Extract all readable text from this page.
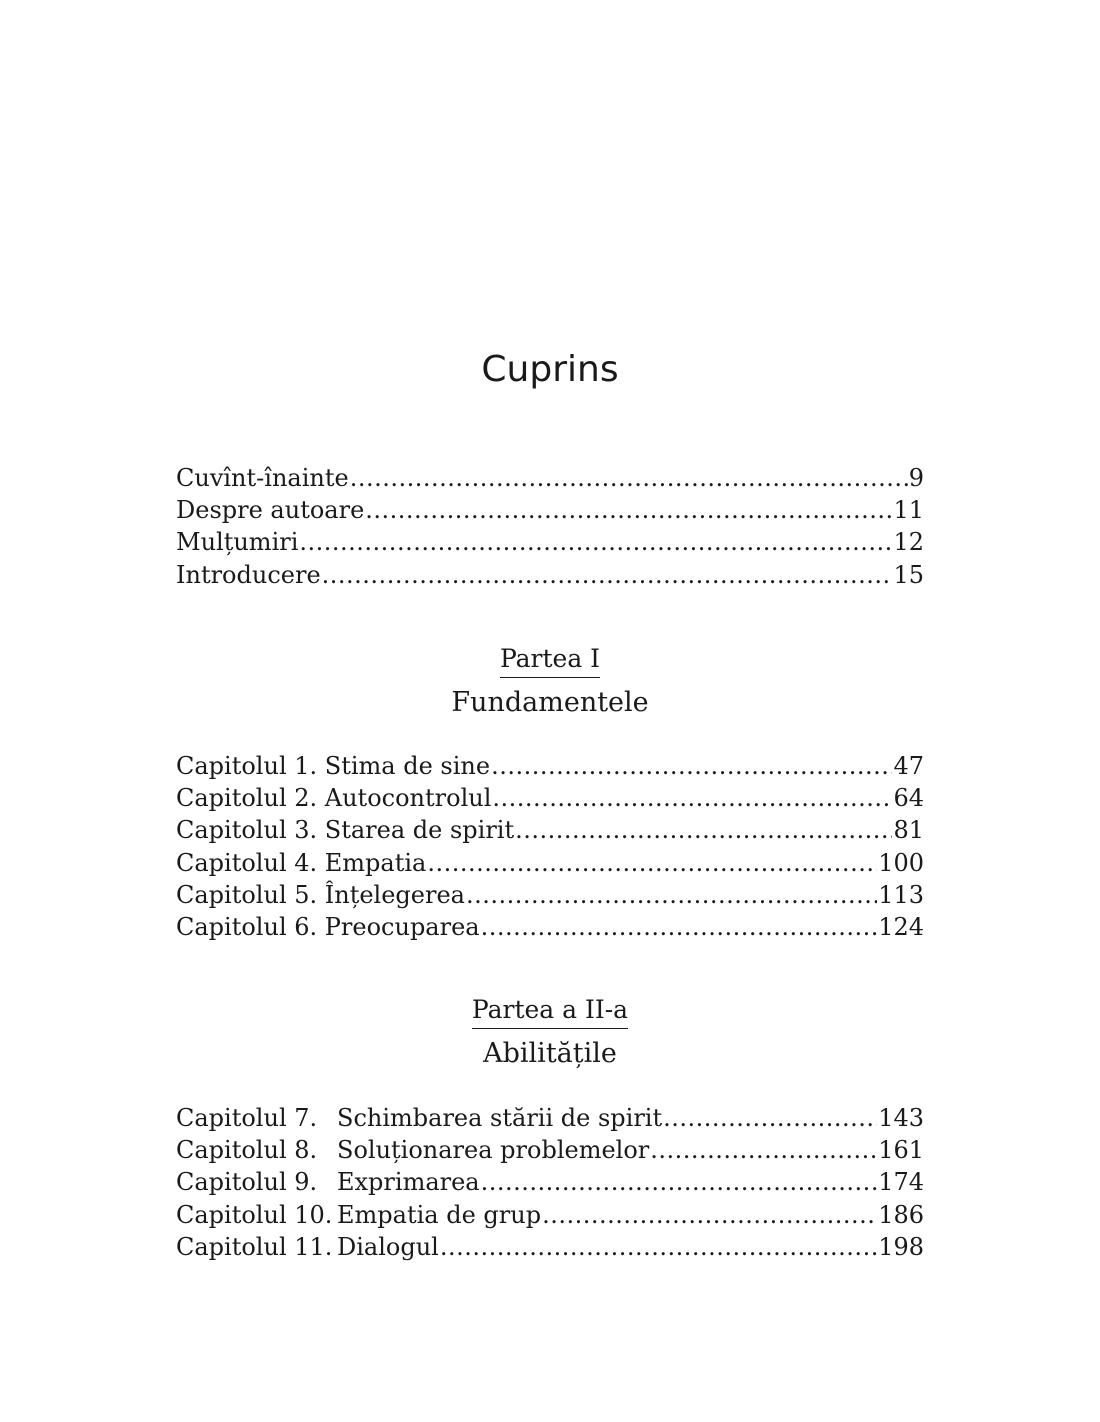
Cuprins
Cuvînt-înainte .....	9
Despre autoare .....	11
Mulțumiri .....	12
Introducere .....	15
Partea I
Fundamentele
Capitolul 1. Stima de sine .....	47
Capitolul 2. Autocontrolul .....	64
Capitolul 3. Starea de spirit .....	81
Capitolul 4. Empatia .....	100
Capitolul 5. Înțelegerea .....	113
Capitolul 6. Preocuparea .....	124
Partea a II-a
Abilitățile
Capitolul 7. Schimbarea stării de spirit .....	143
Capitolul 8. Soluționarea problemelor .....	161
Capitolul 9. Exprimarea .....	174
Capitolul 10. Empatia de grup .....	186
Capitolul 11. Dialogul .....	198
